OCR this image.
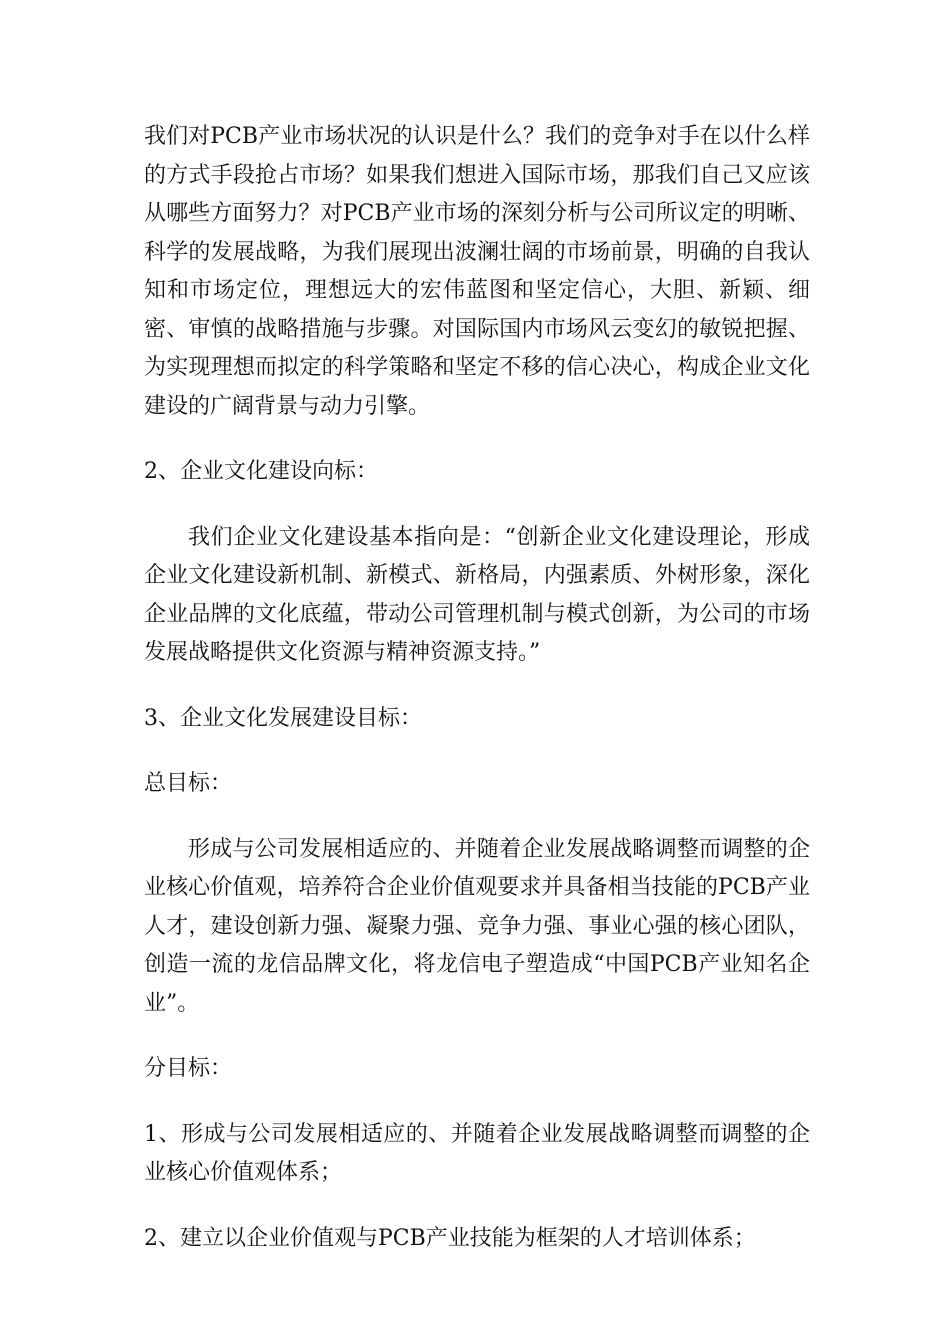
我们对PCB产业市场状况的认识是什么？我们的竞争对手在以什么样的方式手段抢占市场？如果我们想进入国际市场，那我们自己又应该从哪些方面努力？对PCB产业市场的深刻分析与公司所议定的明晰、科学的发展战略，为我们展现出波澜壮阔的市场前景，明确的自我认知和市场定位，理想远大的宏伟蓝图和坚定信心，大胆、新颖、细密、审慎的战略措施与步骤。对国际国内市场风云变幻的敏锐把握、为实现理想而拟定的科学策略和坚定不移的信心决心，构成企业文化建设的广阔背景与动力引擎。

2、企业文化建设向标：

我们企业文化建设基本指向是：“创新企业文化建设理论，形成企业文化建设新机制、新模式、新格局，内强素质、外树形象，深化企业品牌的文化底蕴，带动公司管理机制与模式创新，为公司的市场发展战略提供文化资源与精神资源支持。”

3、企业文化发展建设目标：

总目标：

形成与公司发展相适应的、并随着企业发展战略调整而调整的企业核心价值观，培养符合企业价值观要求并具备相当技能的PCB产业人才，建设创新力强、凝聚力强、竞争力强、事业心强的核心团队，创造一流的龙信品牌文化，将龙信电子塑造成“中国PCB产业知名企业”。

分目标：

1、形成与公司发展相适应的、并随着企业发展战略调整而调整的企业核心价值观体系；

2、建立以企业价值观与PCB产业技能为框架的人才培训体系；
